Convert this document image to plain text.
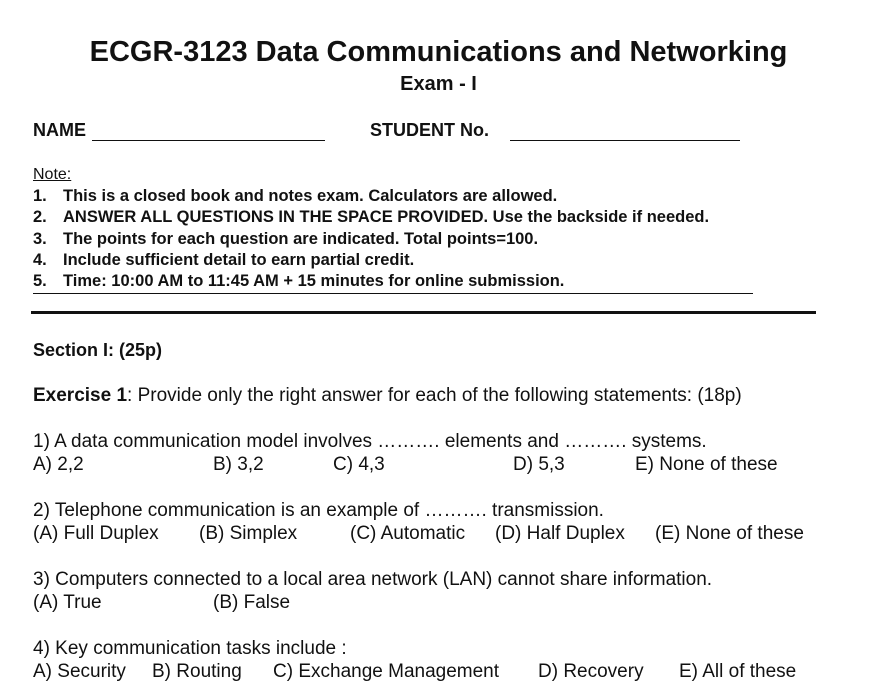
ECGR-3123 Data Communications and Networking
Exam - I
NAME	STUDENT No.
Note:
1. This is a closed book and notes exam. Calculators are allowed.
2. ANSWER ALL QUESTIONS IN THE SPACE PROVIDED. Use the backside if needed.
3. The points for each question are indicated. Total points=100.
4. Include sufficient detail to earn partial credit.
5. Time: 10:00 AM to 11:45 AM + 15 minutes for online submission.
Section I: (25p)
Exercise 1: Provide only the right answer for each of the following statements: (18p)
1) A data communication model involves ………. elements and ………. systems.
A) 2,2	B) 3,2	C) 4,3	D) 5,3	E) None of these
2) Telephone communication is an example of ………. transmission.
(A) Full Duplex (B) Simplex	(C) Automatic (D) Half Duplex (E) None of these
3) Computers connected to a local area network (LAN) cannot share information.
(A) True	(B) False
4) Key communication tasks include :
A) Security B) Routing C) Exchange Management D) Recovery E) All of these
